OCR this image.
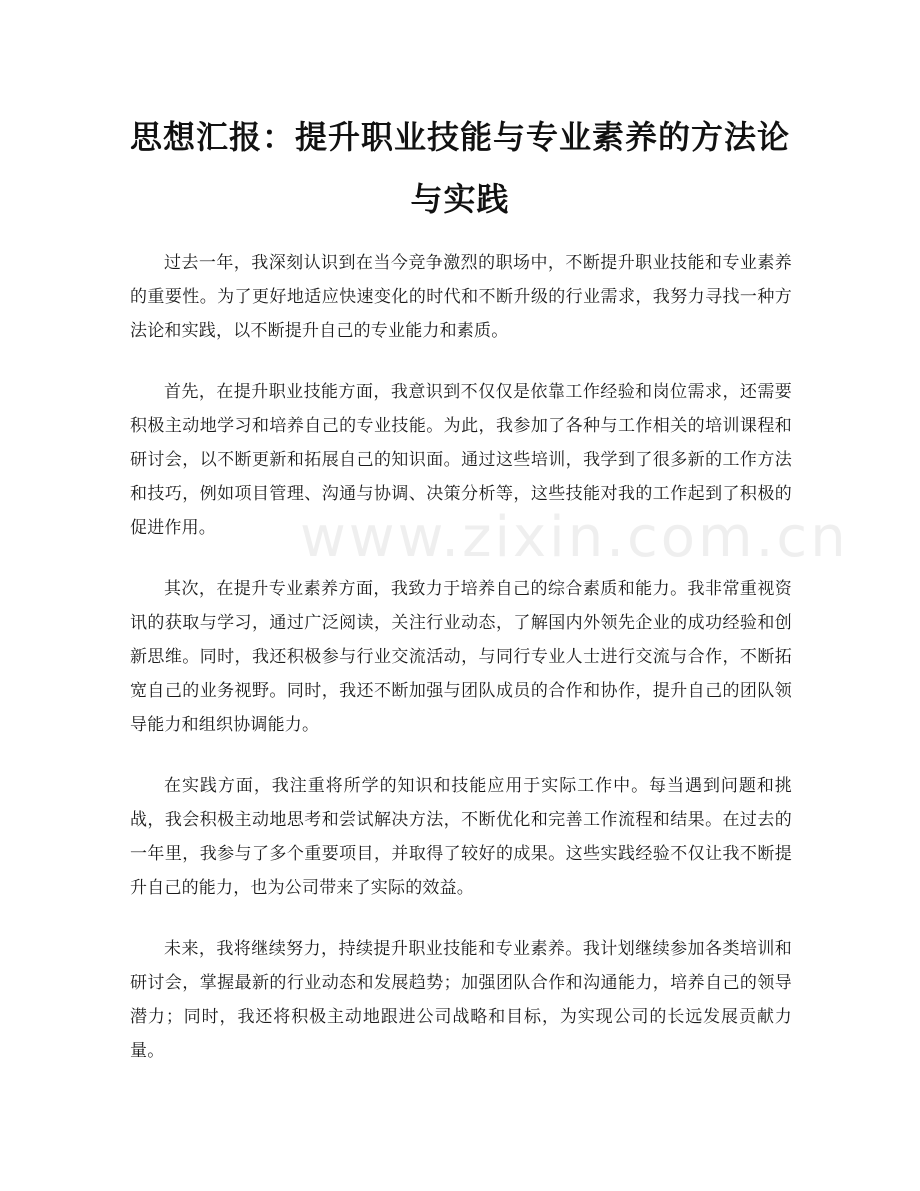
思想汇报：提升职业技能与专业素养的方法论与实践

过去一年，我深刻认识到在当今竞争激烈的职场中，不断提升职业技能和专业素养的重要性。为了更好地适应快速变化的时代和不断升级的行业需求，我努力寻找一种方法论和实践，以不断提升自己的专业能力和素质。

首先，在提升职业技能方面，我意识到不仅仅是依靠工作经验和岗位需求，还需要积极主动地学习和培养自己的专业技能。为此，我参加了各种与工作相关的培训课程和研讨会，以不断更新和拓展自己的知识面。通过这些培训，我学到了很多新的工作方法和技巧，例如项目管理、沟通与协调、决策分析等，这些技能对我的工作起到了积极的促进作用。

其次，在提升专业素养方面，我致力于培养自己的综合素质和能力。我非常重视资讯的获取与学习，通过广泛阅读，关注行业动态，了解国内外领先企业的成功经验和创新思维。同时，我还积极参与行业交流活动，与同行专业人士进行交流与合作，不断拓宽自己的业务视野。同时，我还不断加强与团队成员的合作和协作，提升自己的团队领导能力和组织协调能力。

在实践方面，我注重将所学的知识和技能应用于实际工作中。每当遇到问题和挑战，我会积极主动地思考和尝试解决方法，不断优化和完善工作流程和结果。在过去的一年里，我参与了多个重要项目，并取得了较好的成果。这些实践经验不仅让我不断提升自己的能力，也为公司带来了实际的效益。

未来，我将继续努力，持续提升职业技能和专业素养。我计划继续参加各类培训和研讨会，掌握最新的行业动态和发展趋势；加强团队合作和沟通能力，培养自己的领导潜力；同时，我还将积极主动地跟进公司战略和目标，为实现公司的长远发展贡献力量。

www.zixin.com.cn
